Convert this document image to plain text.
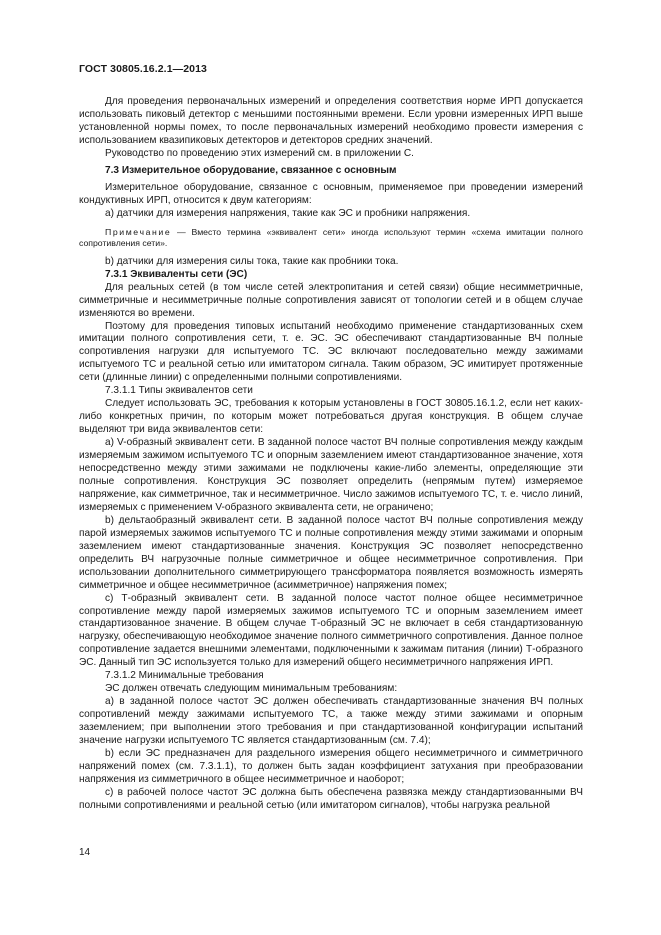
ГОСТ 30805.16.2.1—2013

Для проведения первоначальных измерений и определения соответствия норме ИРП допускается использовать пиковый детектор с меньшими постоянными времени. Если уровни измеренных ИРП выше установленной нормы помех, то после первоначальных измерений необходимо провести измерения с использованием квазипиковых детекторов и детекторов средних значений.

Руководство по проведению этих измерений см. в приложении С.

7.3 Измерительное оборудование, связанное с основным

Измерительное оборудование, связанное с основным, применяемое при проведении измерений кондуктивных ИРП, относится к двум категориям:

а) датчики для измерения напряжения, такие как ЭС и пробники напряжения.

Примечание — Вместо термина «эквивалент сети» иногда используют термин «схема имитации полного сопротивления сети».

b) датчики для измерения силы тока, такие как пробники тока.

7.3.1 Эквиваленты сети (ЭС)

Для реальных сетей (в том числе сетей электропитания и сетей связи) общие несимметричные, симметричные и несимметричные полные сопротивления зависят от топологии сетей и в общем случае изменяются во времени.

Поэтому для проведения типовых испытаний необходимо применение стандартизованных схем имитации полного сопротивления сети, т. е. ЭС. ЭС обеспечивают стандартизованные ВЧ полные сопротивления нагрузки для испытуемого ТС. ЭС включают последовательно между зажимами испытуемого ТС и реальной сетью или имитатором сигнала. Таким образом, ЭС имитирует протяженные сети (длинные линии) с определенными полными сопротивлениями.

7.3.1.1 Типы эквивалентов сети

Следует использовать ЭС, требования к которым установлены в ГОСТ 30805.16.1.2, если нет каких-либо конкретных причин, по которым может потребоваться другая конструкция. В общем случае выделяют три вида эквивалентов сети:

а) V-образный эквивалент сети. В заданной полосе частот ВЧ полные сопротивления между каждым измеряемым зажимом испытуемого ТС и опорным заземлением имеют стандартизованное значение, хотя непосредственно между этими зажимами не подключены какие-либо элементы, определяющие эти полные сопротивления. Конструкция ЭС позволяет определить (непрямым путем) измеряемое напряжение, как симметричное, так и несимметричное. Число зажимов испытуемого ТС, т. е. число линий, измеряемых с применением V-образного эквивалента сети, не ограничено;

b) дельтаобразный эквивалент сети. В заданной полосе частот ВЧ полные сопротивления между парой измеряемых зажимов испытуемого ТС и полные сопротивления между этими зажимами и опорным заземлением имеют стандартизованные значения. Конструкция ЭС позволяет непосредственно определить ВЧ нагрузочные полные симметричное и общее несимметричное сопротивления. При использовании дополнительного симметрирующего трансформатора появляется возможность измерять симметричное и общее несимметричное (асимметричное) напряжения помех;

с) Т-образный эквивалент сети. В заданной полосе частот полное общее несимметричное сопротивление между парой измеряемых зажимов испытуемого ТС и опорным заземлением имеет стандартизованное значение. В общем случае Т-образный ЭС не включает в себя стандартизованную нагрузку, обеспечивающую необходимое значение полного симметричного сопротивления. Данное полное сопротивление задается внешними элементами, подключенными к зажимам питания (линии) Т-образного ЭС. Данный тип ЭС используется только для измерений общего несимметричного напряжения ИРП.

7.3.1.2 Минимальные требования

ЭС должен отвечать следующим минимальным требованиям:

а) в заданной полосе частот ЭС должен обеспечивать стандартизованные значения ВЧ полных сопротивлений между зажимами испытуемого ТС, а также между этими зажимами и опорным заземлением; при выполнении этого требования и при стандартизованной конфигурации испытаний значение нагрузки испытуемого ТС является стандартизованным (см. 7.4);

b) если ЭС предназначен для раздельного измерения общего несимметричного и симметричного напряжений помех (см. 7.3.1.1), то должен быть задан коэффициент затухания при преобразовании напряжения из симметричного в общее несимметричное и наоборот;

с) в рабочей полосе частот ЭС должна быть обеспечена развязка между стандартизованными ВЧ полными сопротивлениями и реальной сетью (или имитатором сигналов), чтобы нагрузка реальной

14
